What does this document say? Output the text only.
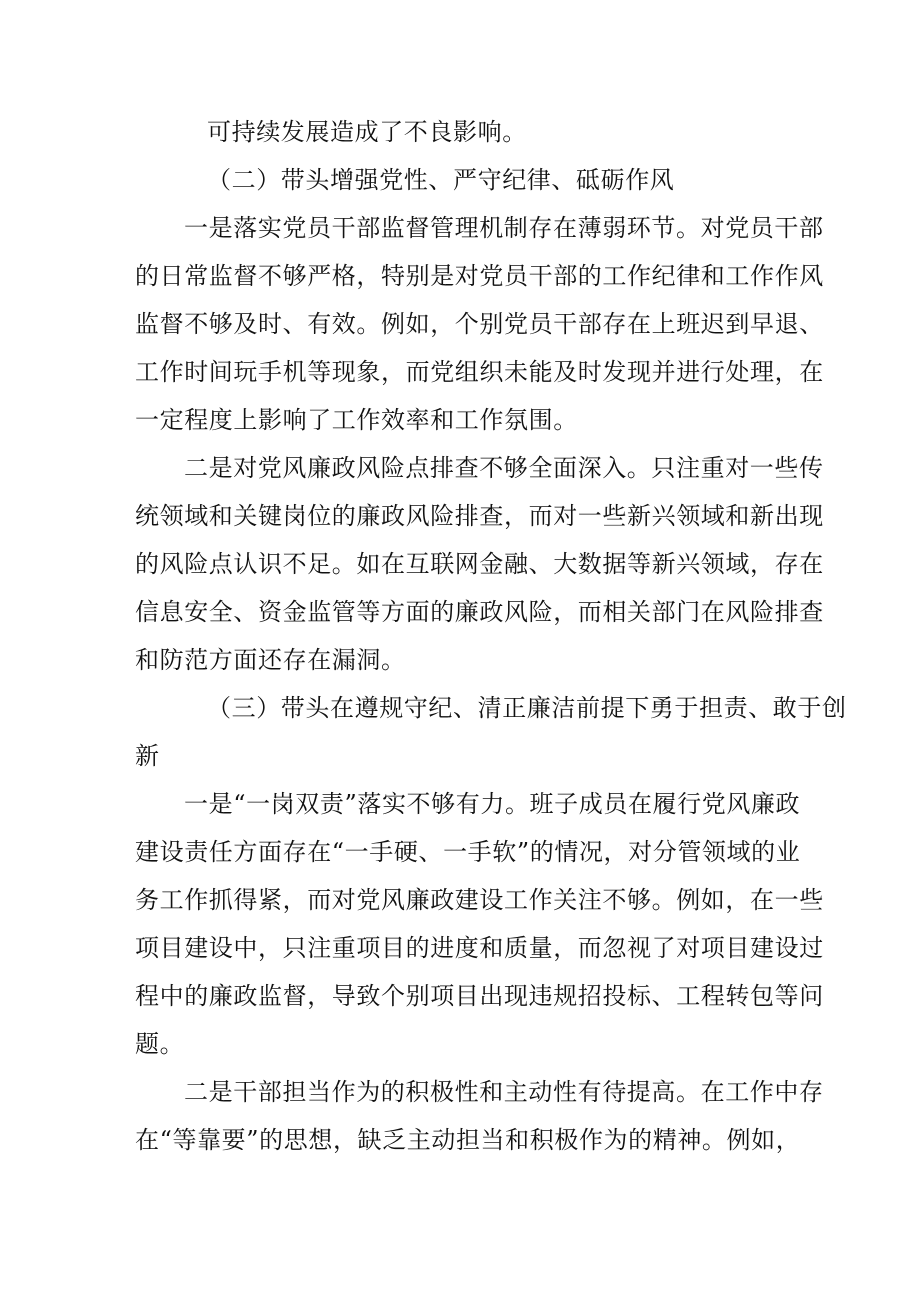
可持续发展造成了不良影响。

（二）带头增强党性、严守纪律、砥砺作风

一是落实党员干部监督管理机制存在薄弱环节。对党员干部

的日常监督不够严格，特别是对党员干部的工作纪律和工作作风

监督不够及时、有效。例如，个别党员干部存在上班迟到早退、

工作时间玩手机等现象，而党组织未能及时发现并进行处理，在

一定程度上影响了工作效率和工作氛围。

二是对党风廉政风险点排查不够全面深入。只注重对一些传

统领域和关键岗位的廉政风险排查，而对一些新兴领域和新出现

的风险点认识不足。如在互联网金融、大数据等新兴领域，存在

信息安全、资金监管等方面的廉政风险，而相关部门在风险排查

和防范方面还存在漏洞。

（三）带头在遵规守纪、清正廉洁前提下勇于担责、敢于创

新

一是“一岗双责”落实不够有力。班子成员在履行党风廉政

建设责任方面存在“一手硬、一手软”的情况，对分管领域的业

务工作抓得紧，而对党风廉政建设工作关注不够。例如，在一些

项目建设中，只注重项目的进度和质量，而忽视了对项目建设过

程中的廉政监督，导致个别项目出现违规招投标、工程转包等问

题。

二是干部担当作为的积极性和主动性有待提高。在工作中存

在“等靠要”的思想，缺乏主动担当和积极作为的精神。例如，
